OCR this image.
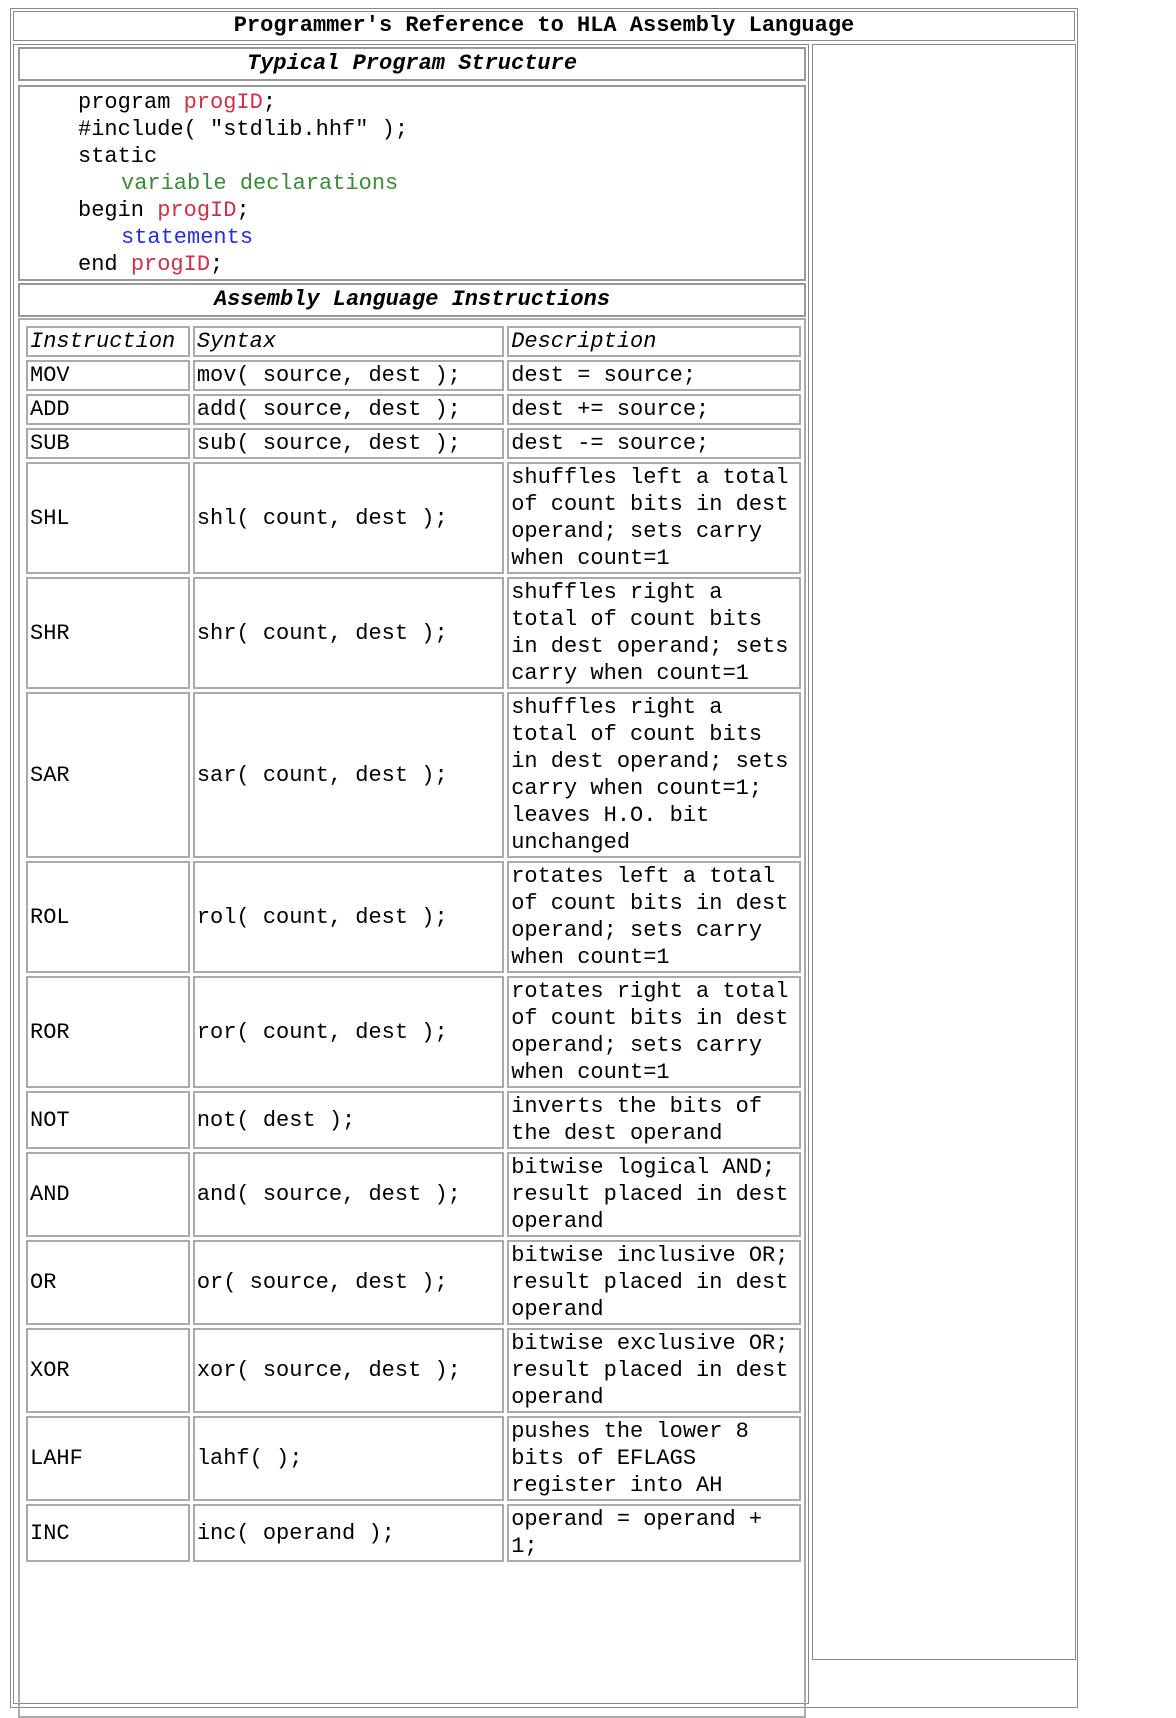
Programmer's Reference to HLA Assembly Language
Typical Program Structure
program progID;
#include( "stdlib.hhf" );
static
variable declarations
begin progID;
statements
end progID;
Assembly Language Instructions
Instruction	Syntax	Description
MOV	mov( source, dest );	dest = source;
ADD	add( source, dest );	dest += source;
SUB	sub( source, dest );	dest -= source;
SHL	shl( count, dest );	shuffles left a total of count bits in dest operand; sets carry when count=1
SHR	shr( count, dest );	shuffles right a total of count bits in dest operand; sets carry when count=1
SAR	sar( count, dest );	shuffles right a total of count bits in dest operand; sets carry when count=1; leaves H.O. bit unchanged
ROL	rol( count, dest );	rotates left a total of count bits in dest operand; sets carry when count=1
ROR	ror( count, dest );	rotates right a total of count bits in dest operand; sets carry when count=1
NOT	not( dest );	inverts the bits of the dest operand
AND	and( source, dest );	bitwise logical AND; result placed in dest operand
OR	or( source, dest );	bitwise inclusive OR; result placed in dest operand
XOR	xor( source, dest );	bitwise exclusive OR; result placed in dest operand
LAHF	lahf( );	pushes the lower 8 bits of EFLAGS register into AH
INC	inc( operand );	operand = operand + 1;
